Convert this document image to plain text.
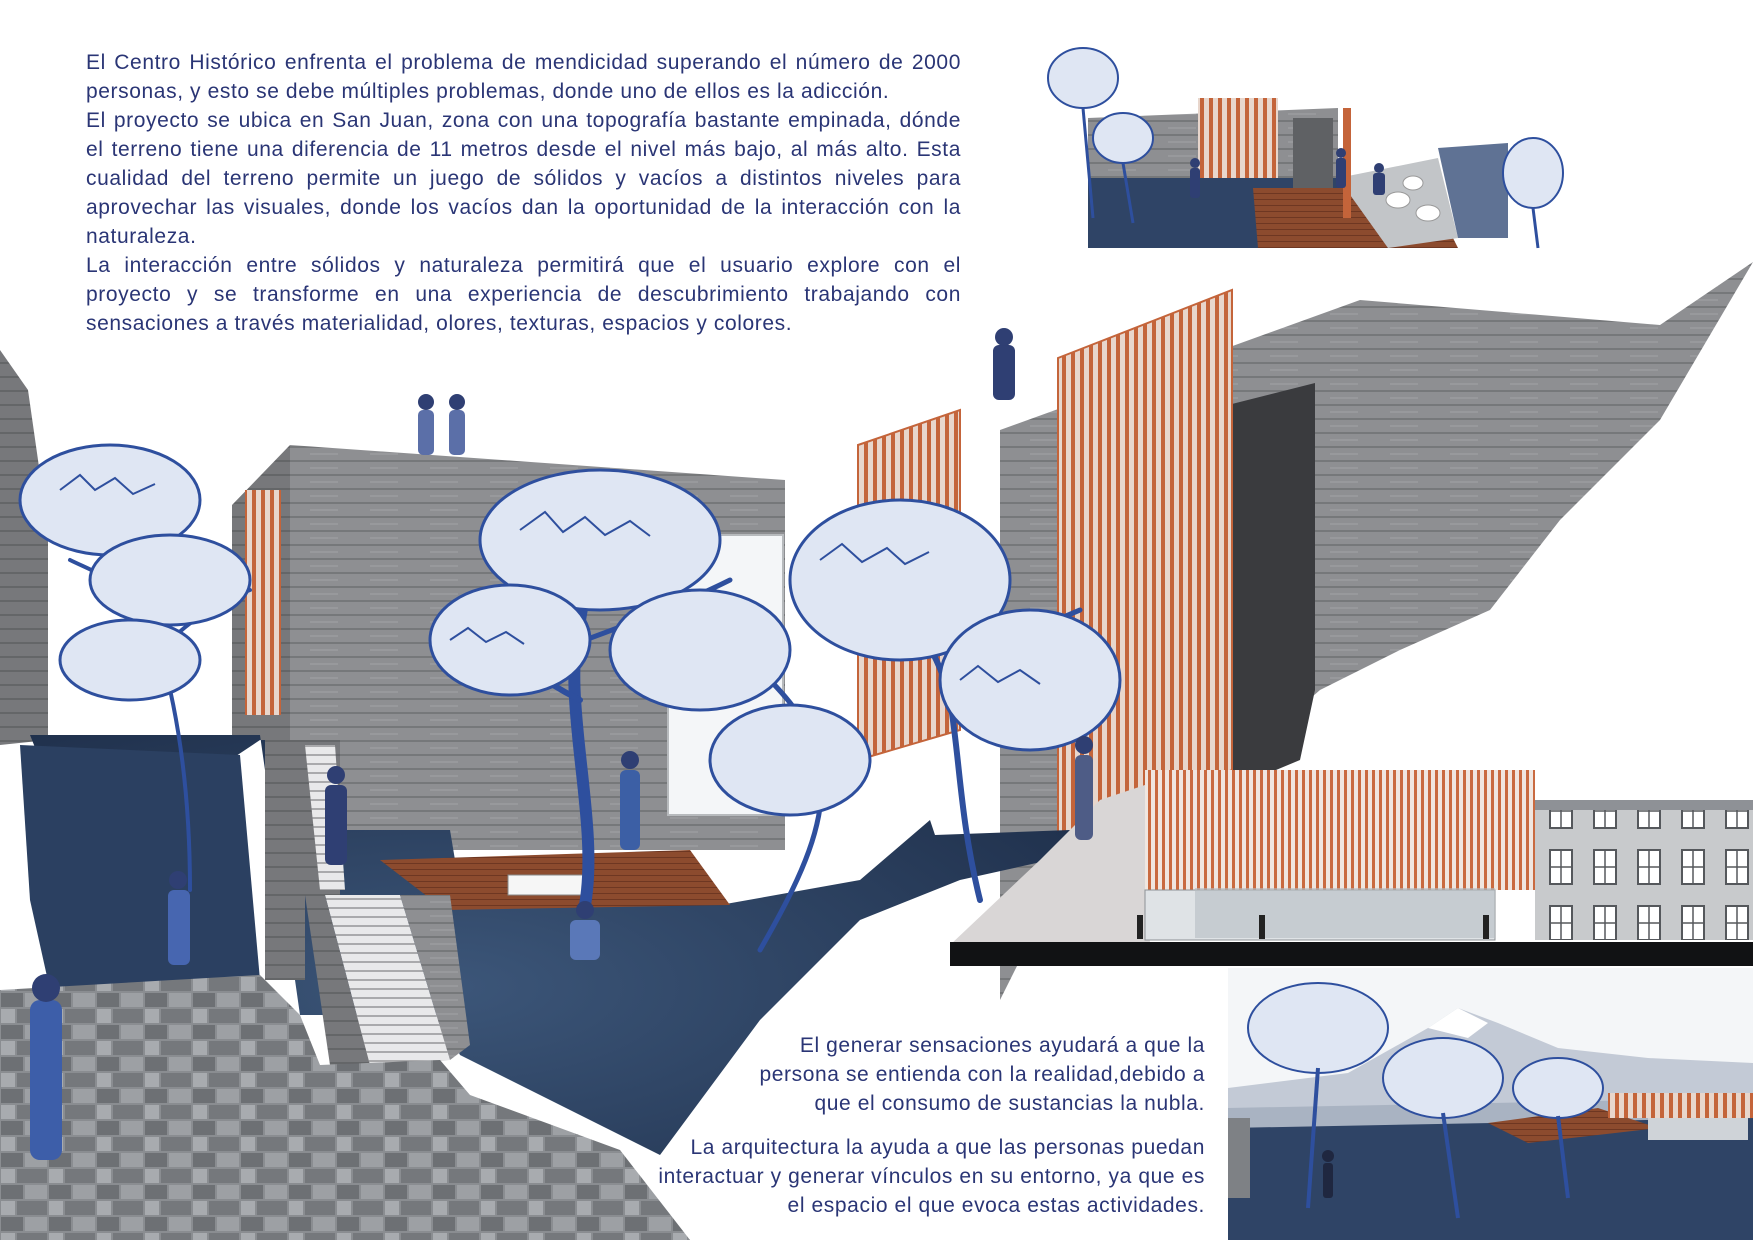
El Centro Histórico enfrenta el problema de mendicidad superando el número de 2000 personas, y esto se debe múltiples problemas, donde uno de ellos es la adicción.
El proyecto se ubica en San Juan, zona con una topografía bastante empinada, dónde el terreno tiene una diferencia de 11 metros desde el nivel más bajo, al más alto. Esta cualidad del terreno permite un juego de sólidos y vacíos a distintos niveles para aprovechar las visuales, donde los vacíos dan la oportunidad de la interacción con la naturaleza.
La interacción entre sólidos y naturaleza permitirá que el usuario explore con el proyecto y se transforme en una experiencia de descubrimiento trabajando con sensaciones a través materialidad, olores, texturas, espacios y colores.
El generar sensaciones ayudará a que la
persona se entienda con la realidad,debido a
que el consumo de sustancias la nubla.
La arquitectura la ayuda a que las personas puedan
interactuar y generar vínculos en su entorno, ya que es
el espacio el que evoca estas actividades.
